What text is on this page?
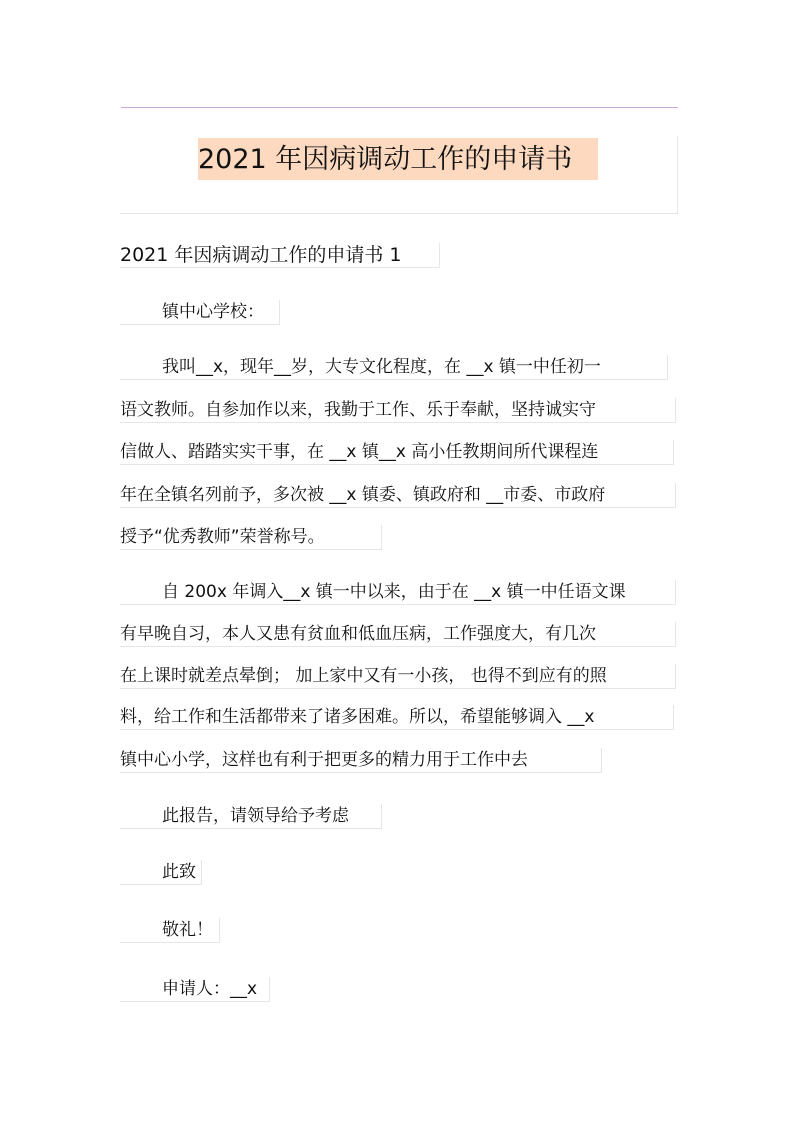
2021 年因病调动工作的申请书
2021 年因病调动工作的申请书 1
镇中心学校：
我叫__x，现年__岁，大专文化程度，在 __x 镇一中任初一
语文教师。自参加作以来，我勤于工作、乐于奉献，坚持诚实守
信做人、踏踏实实干事，在 __x 镇__x 高小任教期间所代课程连
年在全镇名列前予，多次被 __x 镇委、镇政府和 __市委、市政府
授予“优秀教师”荣誉称号。
自 200x 年调入__x 镇一中以来，由于在 __x 镇一中任语文课
有早晚自习，本人又患有贫血和低血压病，工作强度大，有几次
在上课时就差点晕倒； 加上家中又有一小孩， 也得不到应有的照
料，给工作和生活都带来了诸多困难。所以，希望能够调入 __x
镇中心小学，这样也有利于把更多的精力用于工作中去
此报告，请领导给予考虑
此致
敬礼！
申请人：__x
